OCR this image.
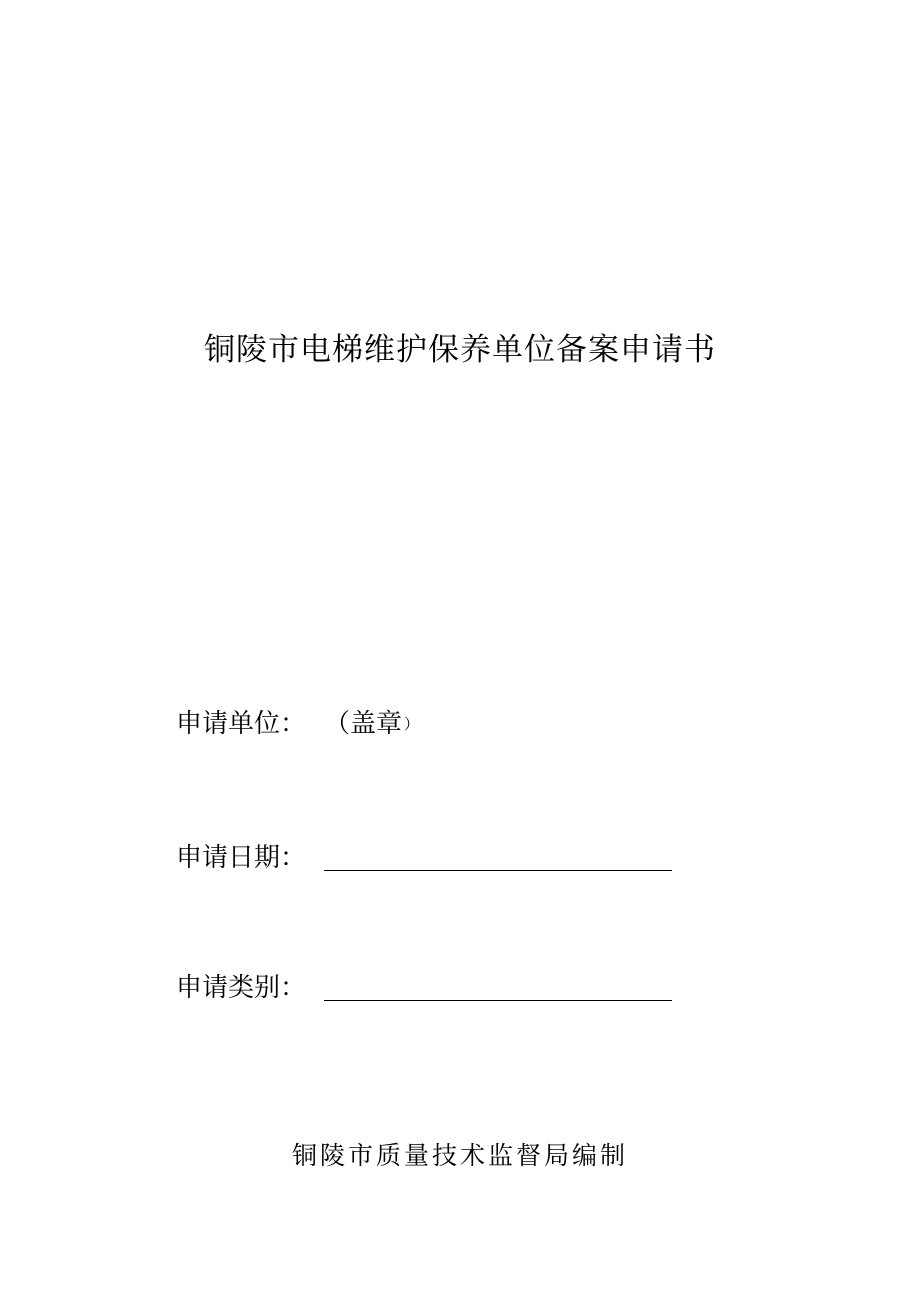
铜陵市电梯维护保养单位备案申请书
申请单位： （盖章 ）
申请日期：
申请类别：
铜陵市质量技术监督局编制
